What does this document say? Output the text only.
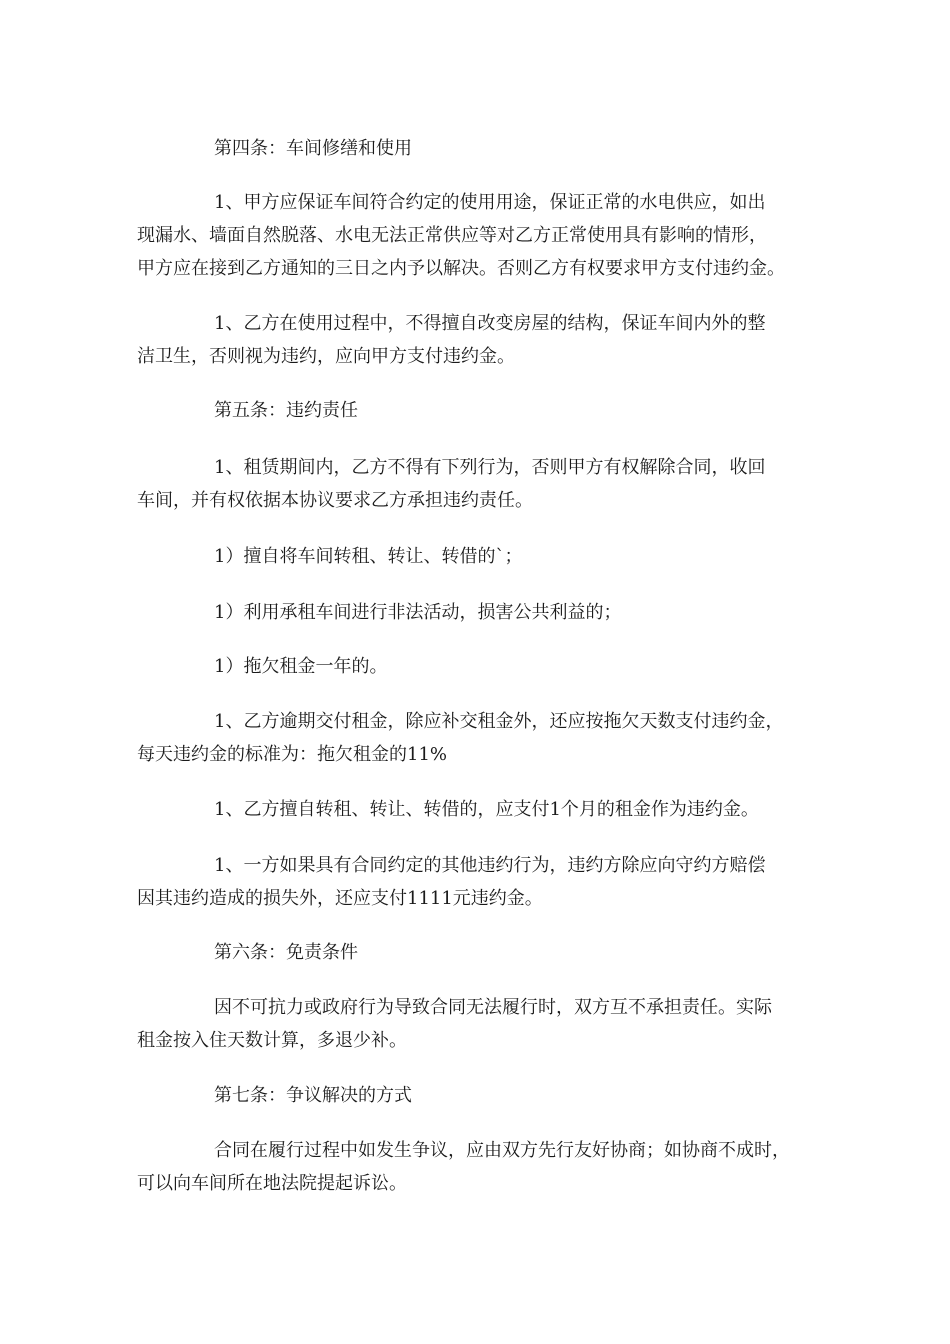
第四条：车间修缮和使用
1、甲方应保证车间符合约定的使用用途，保证正常的水电供应，如出
现漏水、墙面自然脱落、水电无法正常供应等对乙方正常使用具有影响的情形，
甲方应在接到乙方通知的三日之内予以解决。否则乙方有权要求甲方支付违约金。
1、乙方在使用过程中，不得擅自改变房屋的结构，保证车间内外的整
洁卫生，否则视为违约，应向甲方支付违约金。
第五条：违约责任
1、租赁期间内，乙方不得有下列行为，否则甲方有权解除合同，收回
车间，并有权依据本协议要求乙方承担违约责任。
1）擅自将车间转租、转让、转借的`；
1）利用承租车间进行非法活动，损害公共利益的；
1）拖欠租金一年的。
1、乙方逾期交付租金，除应补交租金外，还应按拖欠天数支付违约金，
每天违约金的标准为：拖欠租金的11%
1、乙方擅自转租、转让、转借的，应支付1个月的租金作为违约金。
1、一方如果具有合同约定的其他违约行为，违约方除应向守约方赔偿
因其违约造成的损失外，还应支付1111元违约金。
第六条：免责条件
因不可抗力或政府行为导致合同无法履行时，双方互不承担责任。实际
租金按入住天数计算，多退少补。
第七条：争议解决的方式
合同在履行过程中如发生争议，应由双方先行友好协商；如协商不成时，
可以向车间所在地法院提起诉讼。
